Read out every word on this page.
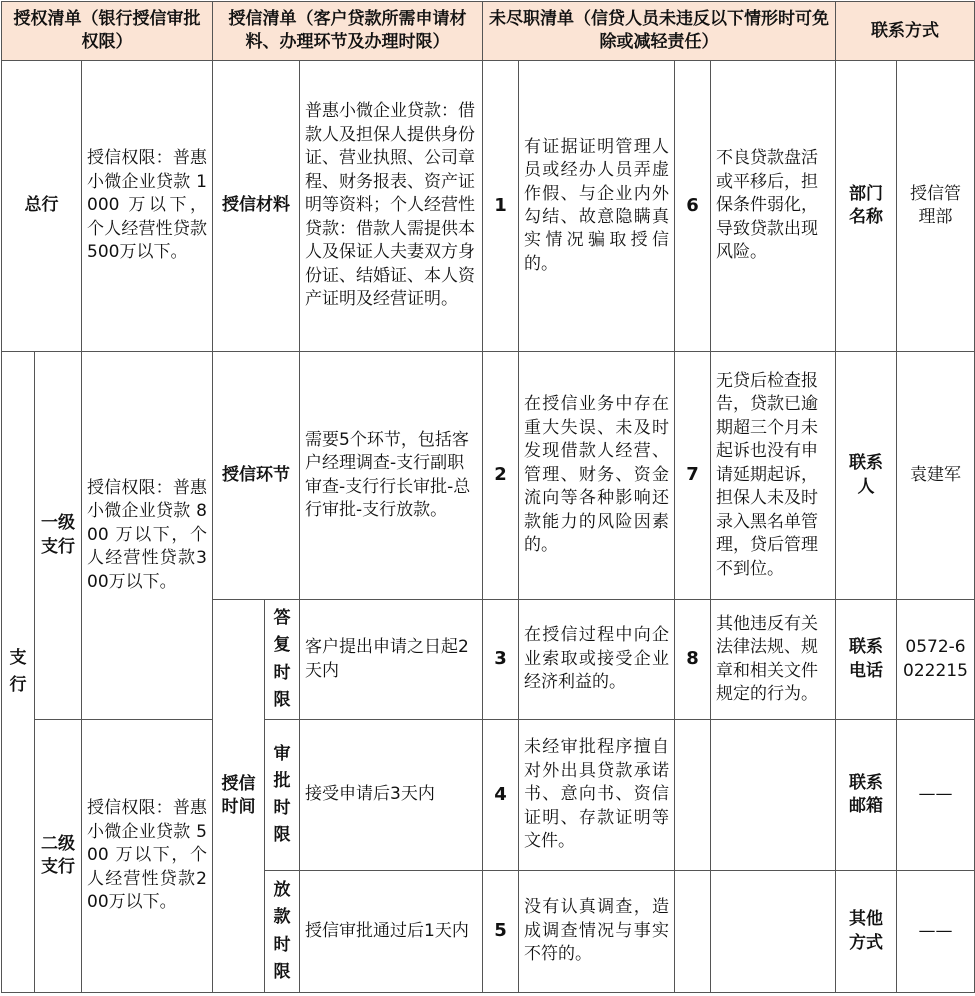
授权清单（银行授信审批权限）			授信清单（客户贷款所需申请材料、办理环节及办理时限）			未尽职清单（信贷人员未违反以下情形时可免除或减轻责任）				联系方式	
总行		授信权限：普惠小微企业贷款 1000 万以下，个人经营性贷款500万以下。	授信材料		普惠小微企业贷款：借款人及担保人提供身份证、营业执照、公司章程、财务报表、资产证明等资料；个人经营性贷款：借款人需提供本人及保证人夫妻双方身份证、结婚证、本人资产证明及经营证明。	1	有证据证明管理人员或经办人员弄虚作假、与企业内外勾结、故意隐瞒真实情况骗取授信的。	6	不良贷款盘活或平移后，担保条件弱化，导致贷款出现风险。	部门名称	授信管理部
支行	一级支行	授信权限：普惠小微企业贷款 800 万以下，个人经营性贷款300万以下。	授信环节		需要5个环节，包括客户经理调查-支行副职审查-支行行长审批-总行审批-支行放款。	2	在授信业务中存在重大失误、未及时发现借款人经营、管理、财务、资金流向等各种影响还款能力的风险因素的。	7	无贷后检查报告，贷款已逾期超三个月未起诉也没有申请延期起诉，担保人未及时录入黑名单管理，贷后管理不到位。	联系人	袁建军
			授信时间	答复时限	客户提出申请之日起2天内	3	在授信过程中向企业索取或接受企业经济利益的。	8	其他违反有关法律法规、规章和相关文件规定的行为。	联系电话	0572-6022215
	二级支行	授信权限：普惠小微企业贷款 500 万以下，个人经营性贷款200万以下。		审批时限	接受申请后3天内	4	未经审批程序擅自对外出具贷款承诺书、意向书、资信证明、存款证明等文件。			联系邮箱	——
				放款时限	授信审批通过后1天内	5	没有认真调查，造成调查情况与事实不符的。			其他方式	——
